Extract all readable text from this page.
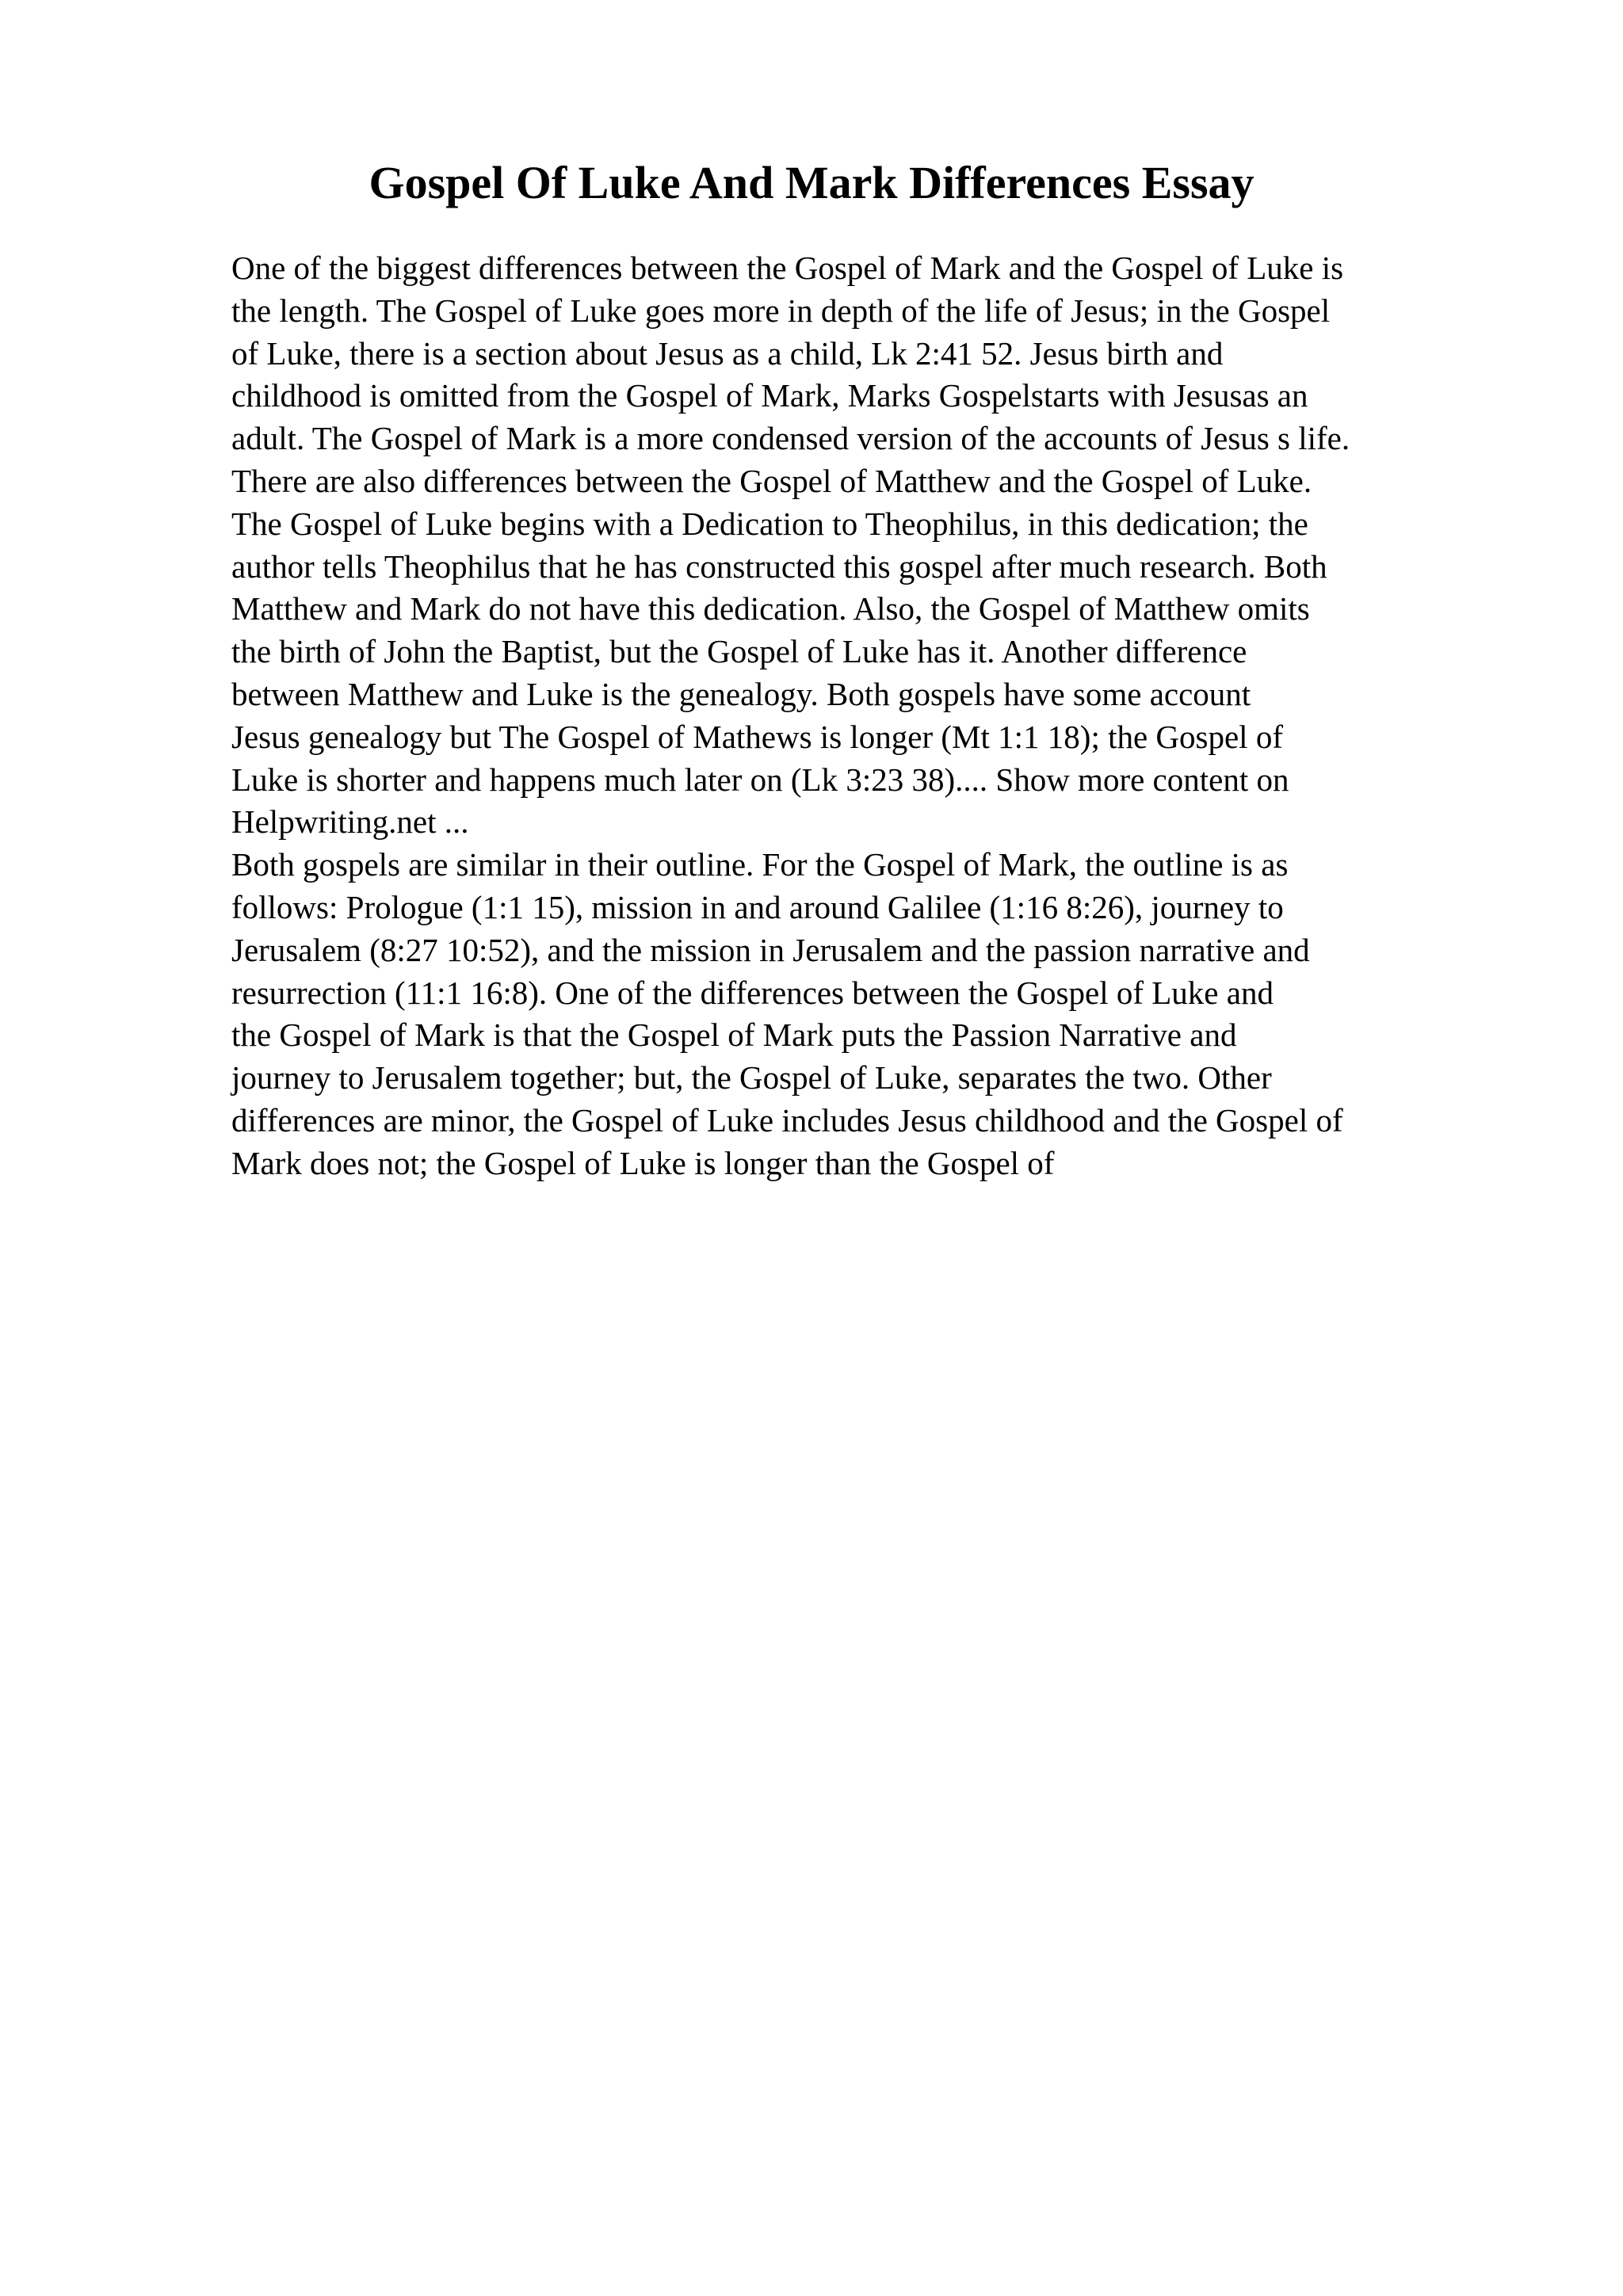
Gospel Of Luke And Mark Differences Essay
One of the biggest differences between the Gospel of Mark and the Gospel of Luke is
the length. The Gospel of Luke goes more in depth of the life of Jesus; in the Gospel
of Luke, there is a section about Jesus as a child, Lk 2:41 52. Jesus birth and
childhood is omitted from the Gospel of Mark, Marks Gospelstarts with Jesusas an
adult. The Gospel of Mark is a more condensed version of the accounts of Jesus s life.
There are also differences between the Gospel of Matthew and the Gospel of Luke.
The Gospel of Luke begins with a Dedication to Theophilus, in this dedication; the
author tells Theophilus that he has constructed this gospel after much research. Both
Matthew and Mark do not have this dedication. Also, the Gospel of Matthew omits
the birth of John the Baptist, but the Gospel of Luke has it. Another difference
between Matthew and Luke is the genealogy. Both gospels have some account
Jesus genealogy but The Gospel of Mathews is longer (Mt 1:1 18); the Gospel of
Luke is shorter and happens much later on (Lk 3:23 38).... Show more content on
Helpwriting.net ...
Both gospels are similar in their outline. For the Gospel of Mark, the outline is as
follows: Prologue (1:1 15), mission in and around Galilee (1:16 8:26), journey to
Jerusalem (8:27 10:52), and the mission in Jerusalem and the passion narrative and
resurrection (11:1 16:8). One of the differences between the Gospel of Luke and
the Gospel of Mark is that the Gospel of Mark puts the Passion Narrative and
journey to Jerusalem together; but, the Gospel of Luke, separates the two. Other
differences are minor, the Gospel of Luke includes Jesus childhood and the Gospel of
Mark does not; the Gospel of Luke is longer than the Gospel of
